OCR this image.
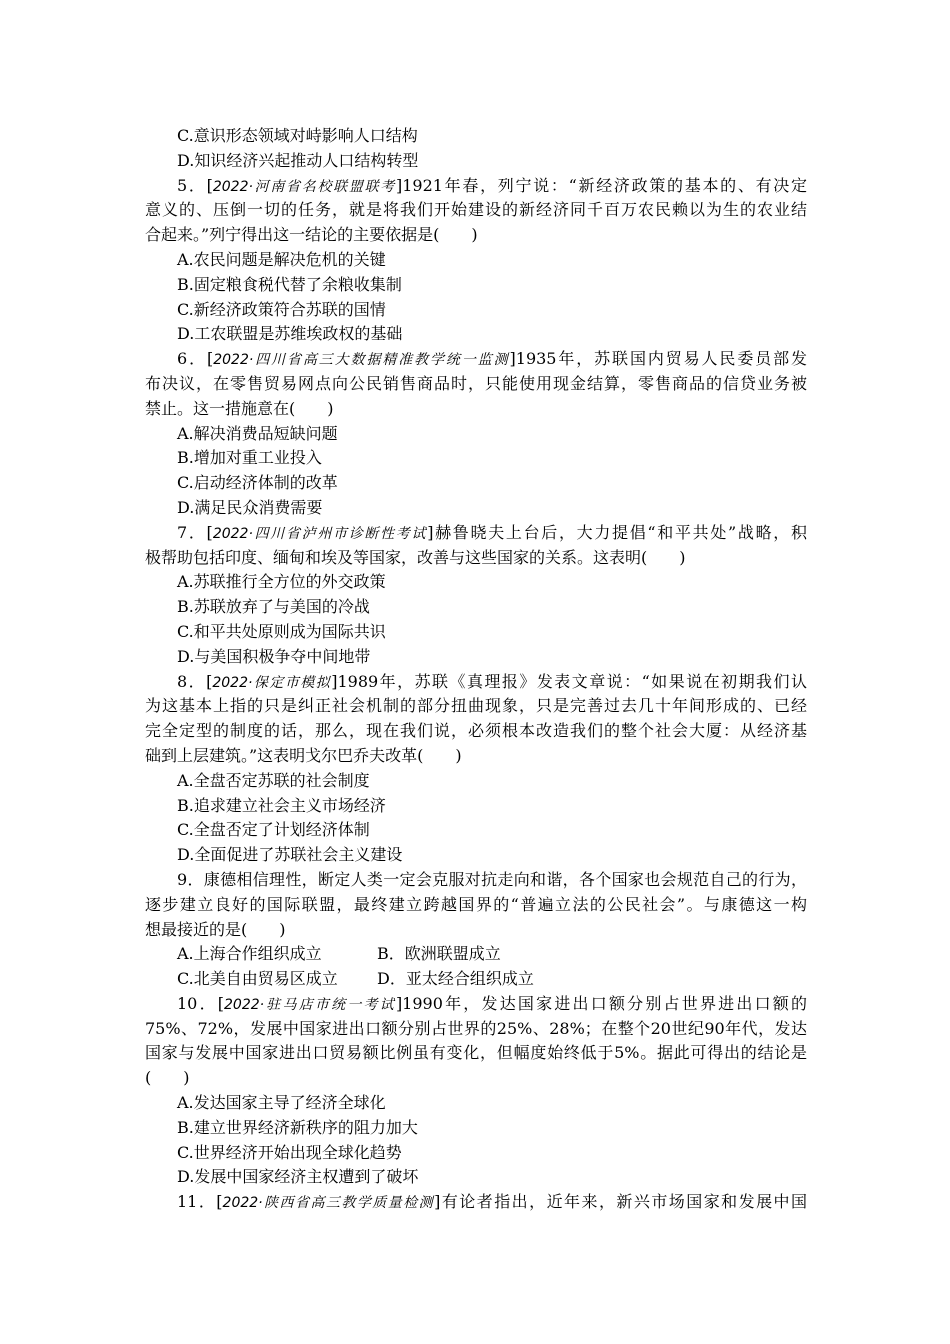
C.意识形态领域对峙影响人口结构
D.知识经济兴起推动人口结构转型
5．[2022·河南省名校联盟联考]1921年春，列宁说：“新经济政策的基本的、有决定
意义的、压倒一切的任务，就是将我们开始建设的新经济同千百万农民赖以为生的农业结
合起来。”列宁得出这一结论的主要依据是(　　)
A.农民问题是解决危机的关键
B.固定粮食税代替了余粮收集制
C.新经济政策符合苏联的国情
D.工农联盟是苏维埃政权的基础
6．[2022·四川省高三大数据精准教学统一监测]1935年，苏联国内贸易人民委员部发
布决议，在零售贸易网点向公民销售商品时，只能使用现金结算，零售商品的信贷业务被
禁止。这一措施意在(　　)
A.解决消费品短缺问题
B.增加对重工业投入
C.启动经济体制的改革
D.满足民众消费需要
7．[2022·四川省泸州市诊断性考试]赫鲁晓夫上台后，大力提倡“和平共处”战略，积
极帮助包括印度、缅甸和埃及等国家，改善与这些国家的关系。这表明(　　)
A.苏联推行全方位的外交政策
B.苏联放弃了与美国的冷战
C.和平共处原则成为国际共识
D.与美国积极争夺中间地带
8．[2022·保定市模拟]1989年，苏联《真理报》发表文章说：“如果说在初期我们认
为这基本上指的只是纠正社会机制的部分扭曲现象，只是完善过去几十年间形成的、已经
完全定型的制度的话，那么，现在我们说，必须根本改造我们的整个社会大厦：从经济基
础到上层建筑。”这表明戈尔巴乔夫改革(　　)
A.全盘否定苏联的社会制度
B.追求建立社会主义市场经济
C.全盘否定了计划经济体制
D.全面促进了苏联社会主义建设
9．康德相信理性，断定人类一定会克服对抗走向和谐，各个国家也会规范自己的行为，
逐步建立良好的国际联盟，最终建立跨越国界的“普遍立法的公民社会”。与康德这一构
想最接近的是(　　)
A.上海合作组织成立	B．欧洲联盟成立
C.北美自由贸易区成立 D．亚太经合组织成立
10．[2022·驻马店市统一考试]1990年，发达国家进出口额分别占世界进出口额的
75%、72%，发展中国家进出口额分别占世界的25%、28%；在整个20世纪90年代，发达
国家与发展中国家进出口贸易额比例虽有变化，但幅度始终低于5%。据此可得出的结论是
(　　)
A.发达国家主导了经济全球化
B.建立世界经济新秩序的阻力加大
C.世界经济开始出现全球化趋势
D.发展中国家经济主权遭到了破坏
11．[2022·陕西省高三教学质量检测]有论者指出，近年来，新兴市场国家和发展中国
